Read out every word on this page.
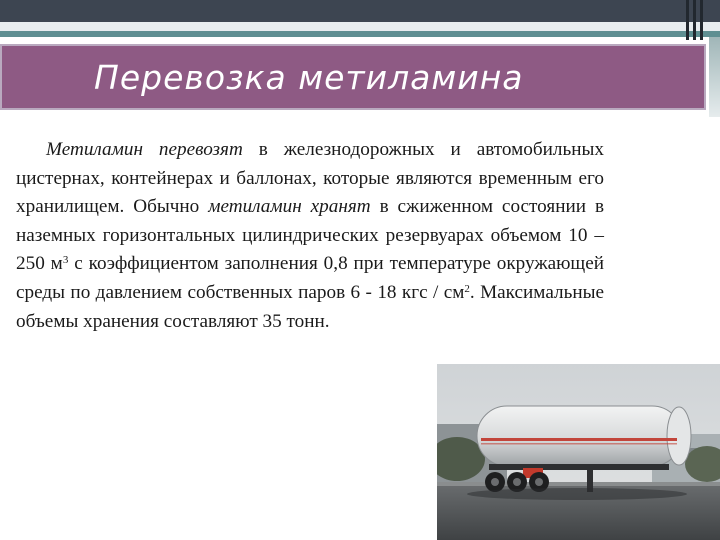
Перевозка метиламина
Метиламин перевозят в железнодорожных и автомобильных цистернах, контейнерах и баллонах, которые являются временным его хранилищем. Обычно метиламин хранят в сжиженном состоянии в наземных горизонтальных цилиндрических резервуарах объемом 10 – 250 $м^3$ с коэффициентом заполнения 0,8 при температуре окружающей среды по давлением собственных паров 6 - 18 кгс / $см^2$. Максимальные объемы хранения составляют 35 тонн.
